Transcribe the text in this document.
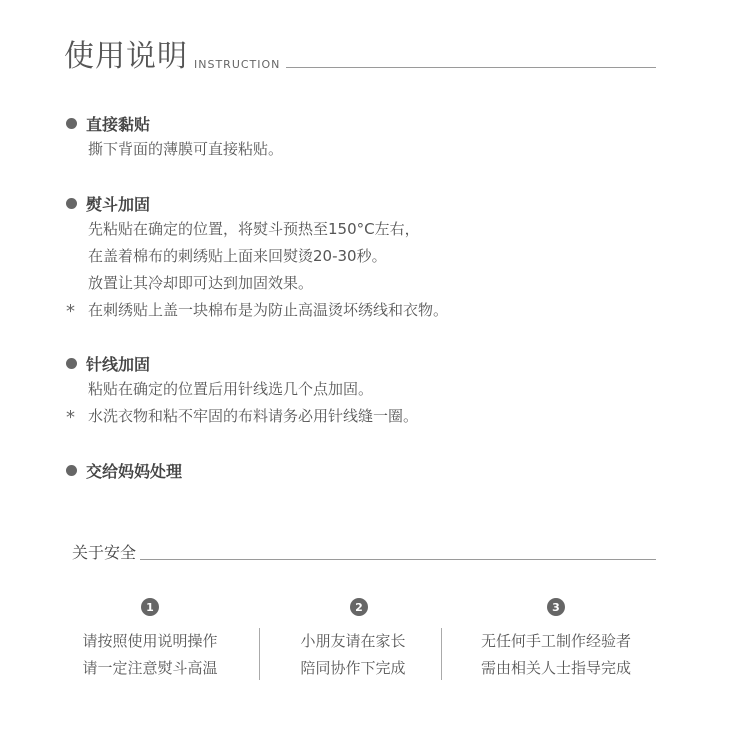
使用说明 INSTRUCTION
直接黏贴
撕下背面的薄膜可直接粘贴。
熨斗加固
先粘贴在确定的位置，将熨斗预热至150°C左右，
在盖着棉布的刺绣贴上面来回熨烫20-30秒。
放置让其冷却即可达到加固效果。
* 在刺绣贴上盖一块棉布是为防止高温烫坏绣线和衣物。
针线加固
粘贴在确定的位置后用针线选几个点加固。
* 水洗衣物和粘不牢固的布料请务必用针线缝一圈。
交给妈妈处理
关于安全
1	2	3
请按照使用说明操作
请一定注意熨斗高温
小朋友请在家长
陪同协作下完成
无任何手工制作经验者
需由相关人士指导完成
